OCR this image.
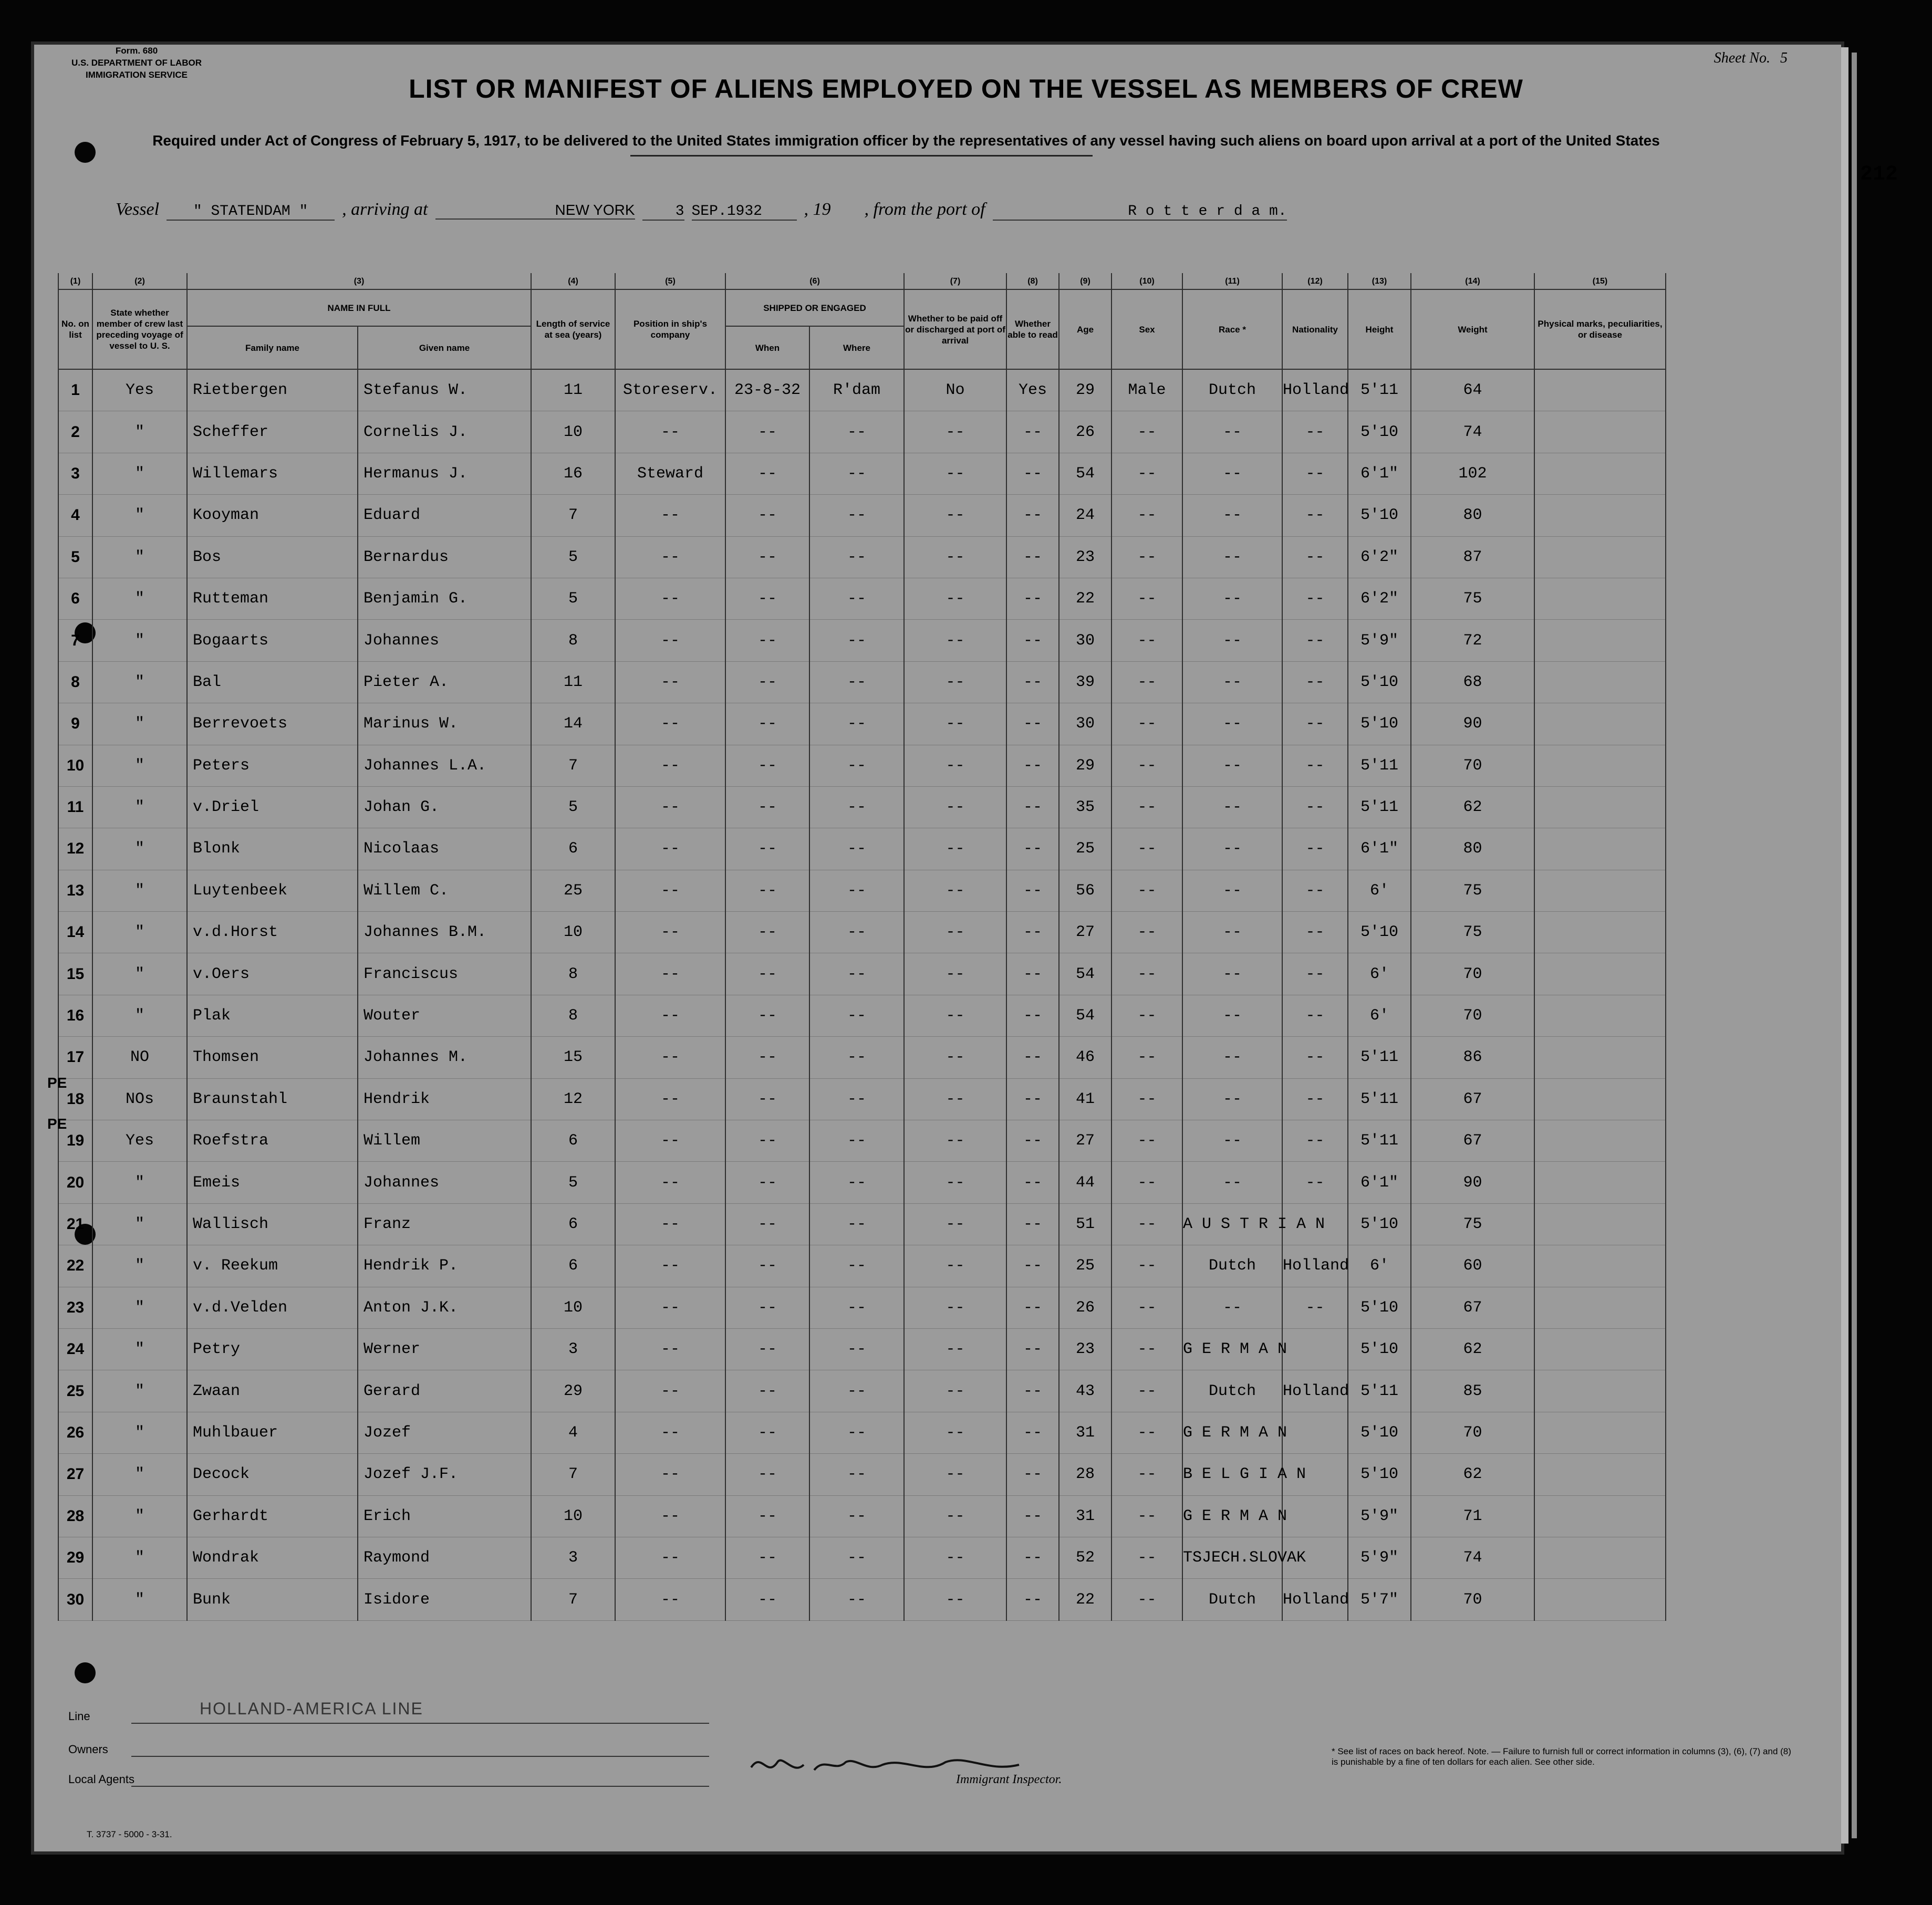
Form. 680
U.S. DEPARTMENT OF LABOR
IMMIGRATION SERVICE
Sheet No. 5
LIST OR MANIFEST OF ALIENS EMPLOYED ON THE VESSEL AS MEMBERS OF CREW
Required under Act of Congress of February 5, 1917, to be delivered to the United States immigration officer by the representatives of any vessel having such aliens on board upon arrival at a port of the United States
212
Vessel	" STATENDAM "	, arriving at	NEW YORK	3 SEP.1932	, 19 , from the port of	R o t t e r d a m.
(1)	(2)	(3)		(4)	(5)	(6)		(7)	(8)	(9)	(10)	(11)	(12)	(13)	(14)	(15)	
No. on list	State whether member of crew last preceding voyage of vessel to U. S.	NAME IN FULL		Length of service at sea (years)	Position in ship's company	SHIPPED OR ENGAGED		Whether to be paid off or discharged at port of arrival	Whether able to read	Age	Sex	Race *	Nationality	Height	Weight	Physical marks, peculiarities, or disease	
		Family name	Given name			When	Where										
1	Yes	Rietbergen	Stefanus W.	11	Storeserv.	23-8-32	R'dam	No	Yes	29	Male	Dutch	Holland	5'11	64		
2	"	Scheffer	Cornelis J.	10	--	--	--	--	--	26	--	--	--	5'10	74		
3	"	Willemars	Hermanus J.	16	Steward	--	--	--	--	54	--	--	--	6'1"	102		
4	"	Kooyman	Eduard	7	--	--	--	--	--	24	--	--	--	5'10	80		
5	"	Bos	Bernardus	5	--	--	--	--	--	23	--	--	--	6'2"	87		
6	"	Rutteman	Benjamin G.	5	--	--	--	--	--	22	--	--	--	6'2"	75		
7	"	Bogaarts	Johannes	8	--	--	--	--	--	30	--	--	--	5'9"	72		
8	"	Bal	Pieter A.	11	--	--	--	--	--	39	--	--	--	5'10	68		
9	"	Berrevoets	Marinus W.	14	--	--	--	--	--	30	--	--	--	5'10	90		
10	"	Peters	Johannes L.A.	7	--	--	--	--	--	29	--	--	--	5'11	70		
11	"	v.Driel	Johan G.	5	--	--	--	--	--	35	--	--	--	5'11	62		
12	"	Blonk	Nicolaas	6	--	--	--	--	--	25	--	--	--	6'1"	80		
13	"	Luytenbeek	Willem C.	25	--	--	--	--	--	56	--	--	--	6'	75		
14	"	v.d.Horst	Johannes B.M.	10	--	--	--	--	--	27	--	--	--	5'10	75		
15	"	v.Oers	Franciscus	8	--	--	--	--	--	54	--	--	--	6'	70		
16	"	Plak	Wouter	8	--	--	--	--	--	54	--	--	--	6'	70		
17	NO	Thomsen	Johannes M.	15	--	--	--	--	--	46	--	--	--	5'11	86		
18	NOs	Braunstahl	Hendrik	12	--	--	--	--	--	41	--	--	--	5'11	67		
19	Yes	Roefstra	Willem	6	--	--	--	--	--	27	--	--	--	5'11	67		
20	"	Emeis	Johannes	5	--	--	--	--	--	44	--	--	--	6'1"	90		
21	"	Wallisch	Franz	6	--	--	--	--	--	51	--	A U S T R I A N		5'10	75		
22	"	v. Reekum	Hendrik P.	6	--	--	--	--	--	25	--	Dutch	Holland	6'	60		
23	"	v.d.Velden	Anton J.K.	10	--	--	--	--	--	26	--	--	--	5'10	67		
24	"	Petry	Werner	3	--	--	--	--	--	23	--	G E R M A N		5'10	62		
25	"	Zwaan	Gerard	29	--	--	--	--	--	43	--	Dutch	Holland	5'11	85		
26	"	Muhlbauer	Jozef	4	--	--	--	--	--	31	--	G E R M A N		5'10	70		
27	"	Decock	Jozef J.F.	7	--	--	--	--	--	28	--	B E L G I A N		5'10	62		
28	"	Gerhardt	Erich	10	--	--	--	--	--	31	--	G E R M A N		5'9"	71		
29	"	Wondrak	Raymond	3	--	--	--	--	--	52	--	TSJECH.SLOVAK		5'9"	74		
30	"	Bunk	Isidore	7	--	--	--	--	--	22	--	Dutch	Holland	5'7"	70		
PE
PE
Line	HOLLAND-AMERICA LINE
Owners
Local Agents	Immigrant Inspector.
* See list of races on back hereof. Note. — Failure to furnish full or correct information in columns (3), (6), (7) and (8) is punishable by a fine of ten dollars for each alien. See other side.
T. 3737 - 5000 - 3-31.
